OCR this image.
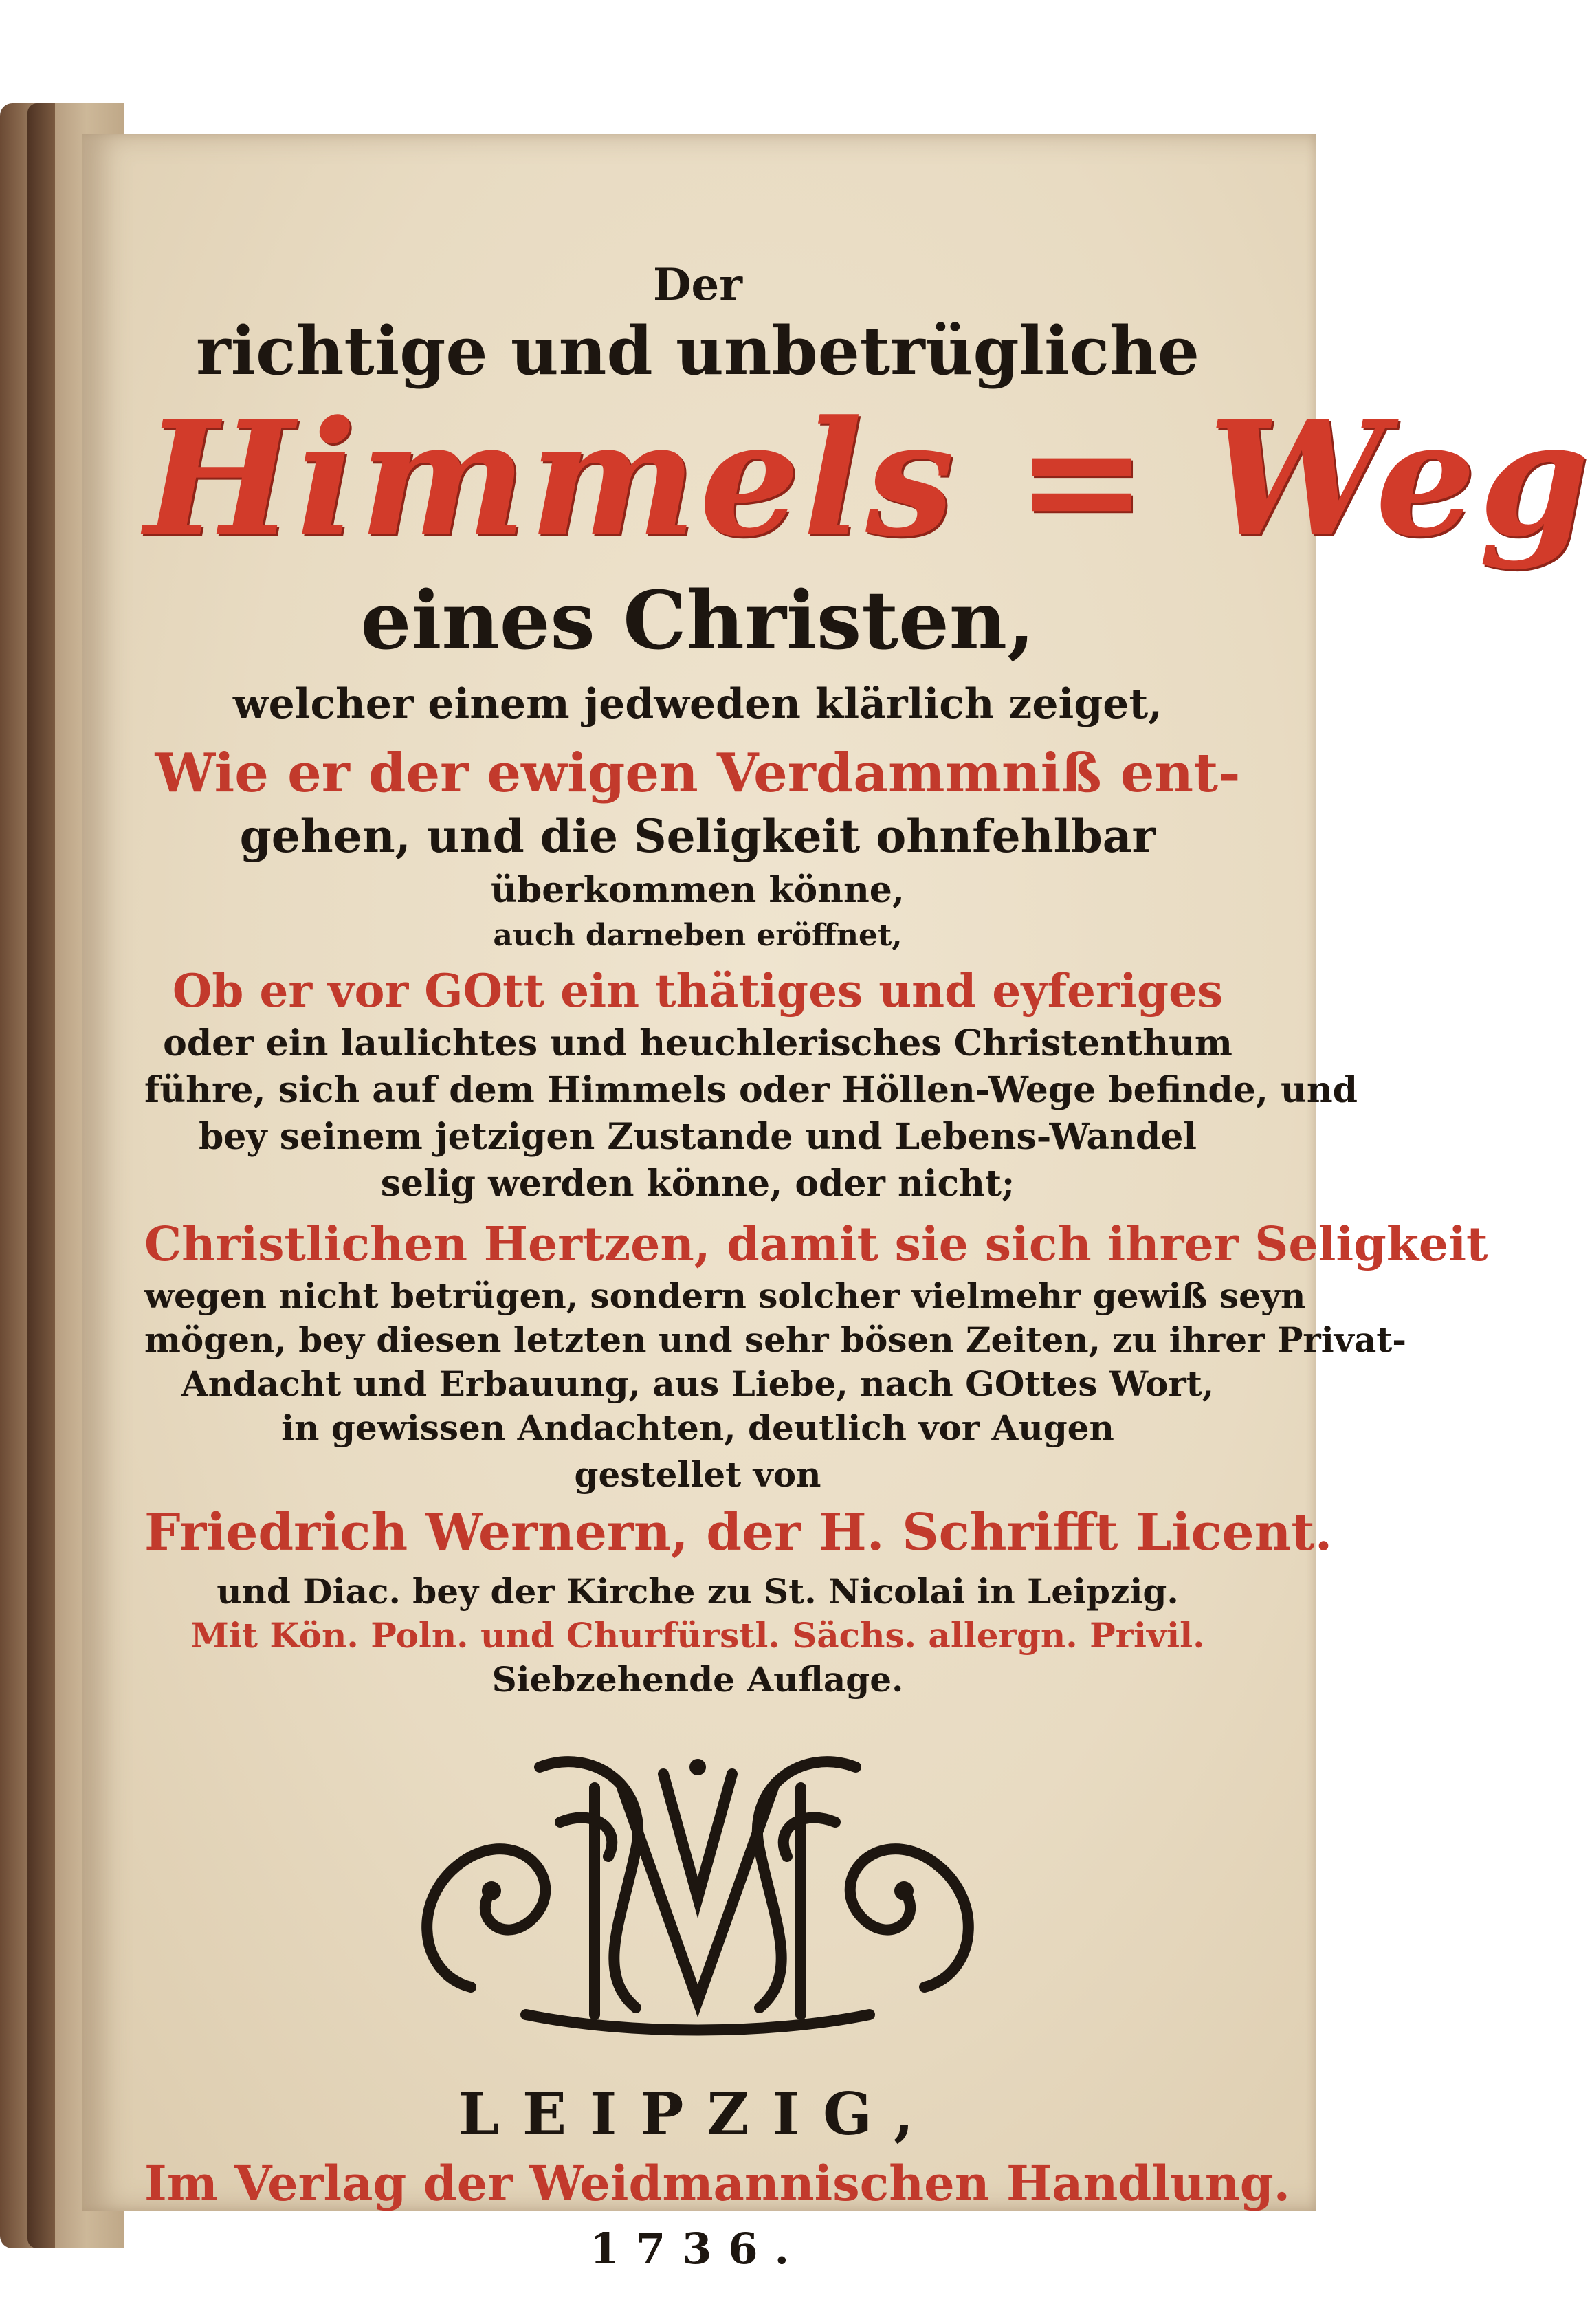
Der
richtige und unbetrügliche
Himmels = Weg
eines Christen,
welcher einem jedweden klärlich zeiget,
Wie er der ewigen Verdammniß ent-
gehen, und die Seligkeit ohnfehlbar
überkommen könne,
auch darneben eröffnet,
Ob er vor GOtt ein thätiges und eyferiges
oder ein laulichtes und heuchlerisches Christenthum
führe, sich auf dem Himmels oder Höllen-Wege befinde, und
bey seinem jetzigen Zustande und Lebens-Wandel
selig werden könne, oder nicht;
Christlichen Hertzen, damit sie sich ihrer Seligkeit
wegen nicht betrügen, sondern solcher vielmehr gewiß seyn
mögen, bey diesen letzten und sehr bösen Zeiten, zu ihrer Privat-
Andacht und Erbauung, aus Liebe, nach GOttes Wort,
in gewissen Andachten, deutlich vor Augen
gestellet von
Friedrich Wernern, der H. Schrifft Licent.
und Diac. bey der Kirche zu St. Nicolai in Leipzig.
Mit Kön. Poln. und Churfürstl. Sächs. allergn. Privil.
Siebzehende Auflage.
LEIPZIG,
Im Verlag der Weidmannischen Handlung.
1736.
